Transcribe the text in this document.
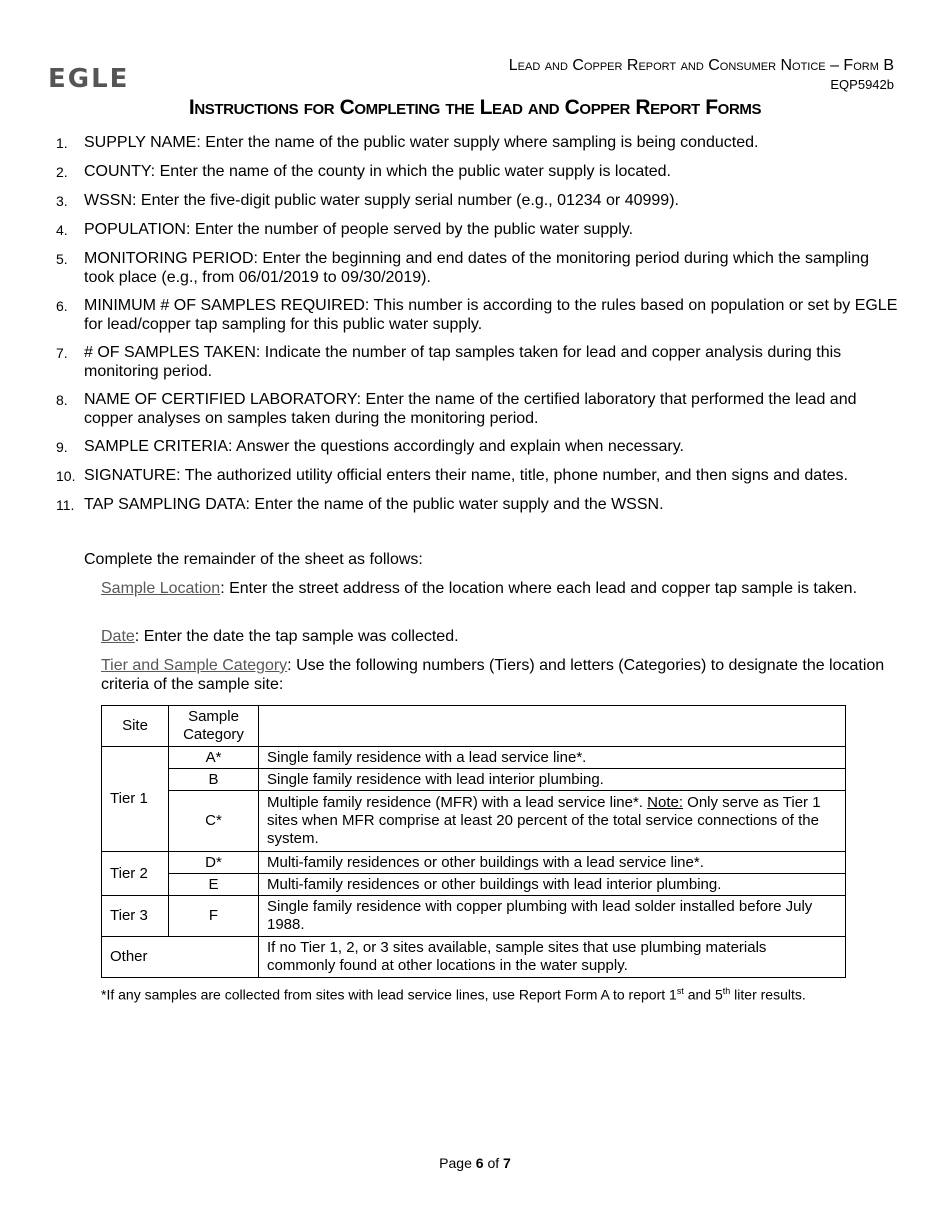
EGLE	Lead and Copper Report and Consumer Notice – Form B
EQP5942b
Instructions for Completing the Lead and Copper Report Forms
1.	SUPPLY NAME: Enter the name of the public water supply where sampling is being conducted.
2.	COUNTY: Enter the name of the county in which the public water supply is located.
3.	WSSN: Enter the five-digit public water supply serial number (e.g., 01234 or 40999).
4.	POPULATION: Enter the number of people served by the public water supply.
5.	MONITORING PERIOD: Enter the beginning and end dates of the monitoring period during which the sampling took place (e.g., from 06/01/2019 to 09/30/2019).
6.	MINIMUM # OF SAMPLES REQUIRED: This number is according to the rules based on population or set by EGLE for lead/copper tap sampling for this public water supply.
7.	# OF SAMPLES TAKEN: Indicate the number of tap samples taken for lead and copper analysis during this monitoring period.
8.	NAME OF CERTIFIED LABORATORY: Enter the name of the certified laboratory that performed the lead and copper analyses on samples taken during the monitoring period.
9.	SAMPLE CRITERIA: Answer the questions accordingly and explain when necessary.
10. SIGNATURE: The authorized utility official enters their name, title, phone number, and then signs and dates.
11. TAP SAMPLING DATA: Enter the name of the public water supply and the WSSN.
Complete the remainder of the sheet as follows:
Sample Location: Enter the street address of the location where each lead and copper tap sample is taken.
Date: Enter the date the tap sample was collected.
Tier and Sample Category: Use the following numbers (Tiers) and letters (Categories) to designate the location criteria of the sample site:
Site	Sample Category	
Tier 1	A*	Single family residence with a lead service line*.
	B	Single family residence with lead interior plumbing.
	C*	Multiple family residence (MFR) with a lead service line*. Note: Only serve as Tier 1 sites when MFR comprise at least 20 percent of the total service connections of the system.
Tier 2	D*	Multi-family residences or other buildings with a lead service line*.
	E	Multi-family residences or other buildings with lead interior plumbing.
Tier 3	F	Single family residence with copper plumbing with lead solder installed before July 1988.
Other		If no Tier 1, 2, or 3 sites available, sample sites that use plumbing materials commonly found at other locations in the water supply.
*If any samples are collected from sites with lead service lines, use Report Form A to report 1st and 5th liter results.
Page 6 of 7
